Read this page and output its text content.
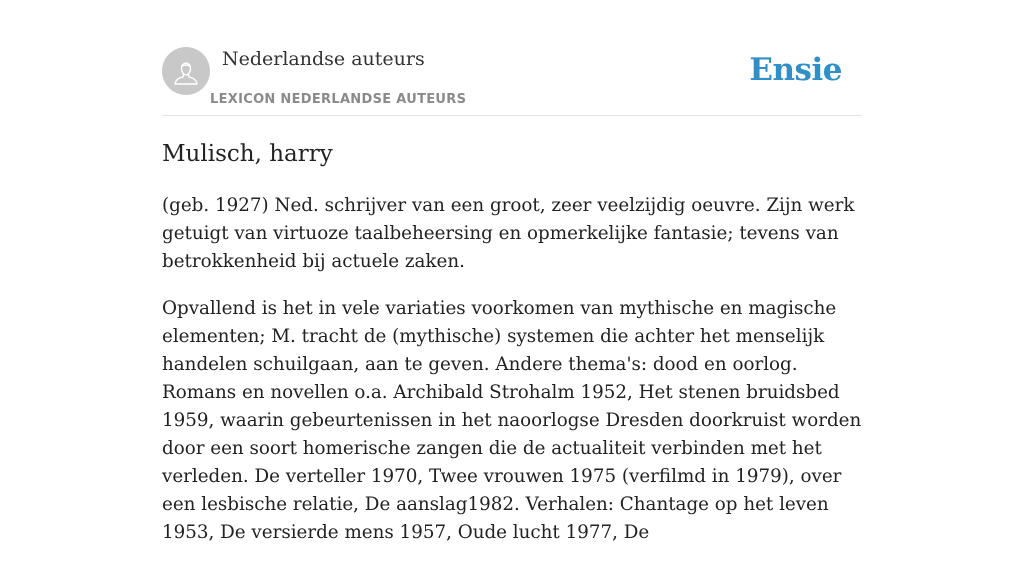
Nederlandse auteurs
LEXICON NEDERLANDSE AUTEURS
Ensie
Mulisch, harry

(geb. 1927) Ned. schrijver van een groot, zeer veelzijdig oeuvre. Zijn werk getuigt van virtuoze taalbeheersing en opmerkelijke fantasie; tevens van betrokkenheid bij actuele zaken.

Opvallend is het in vele variaties voorkomen van mythische en magische elementen; M. tracht de (mythische) systemen die achter het menselijk handelen schuilgaan, aan te geven. Andere thema's: dood en oorlog. Romans en novellen o.a. Archibald Strohalm 1952, Het stenen bruidsbed 1959, waarin gebeurtenissen in het naoorlogse Dresden doorkruist worden door een soort homerische zangen die de actualiteit verbinden met het verleden. De verteller 1970, Twee vrouwen 1975 (verfilmd in 1979), over een lesbische relatie, De aanslag1982. Verhalen: Chantage op het leven 1953, De versierde mens 1957, Oude lucht 1977, De
